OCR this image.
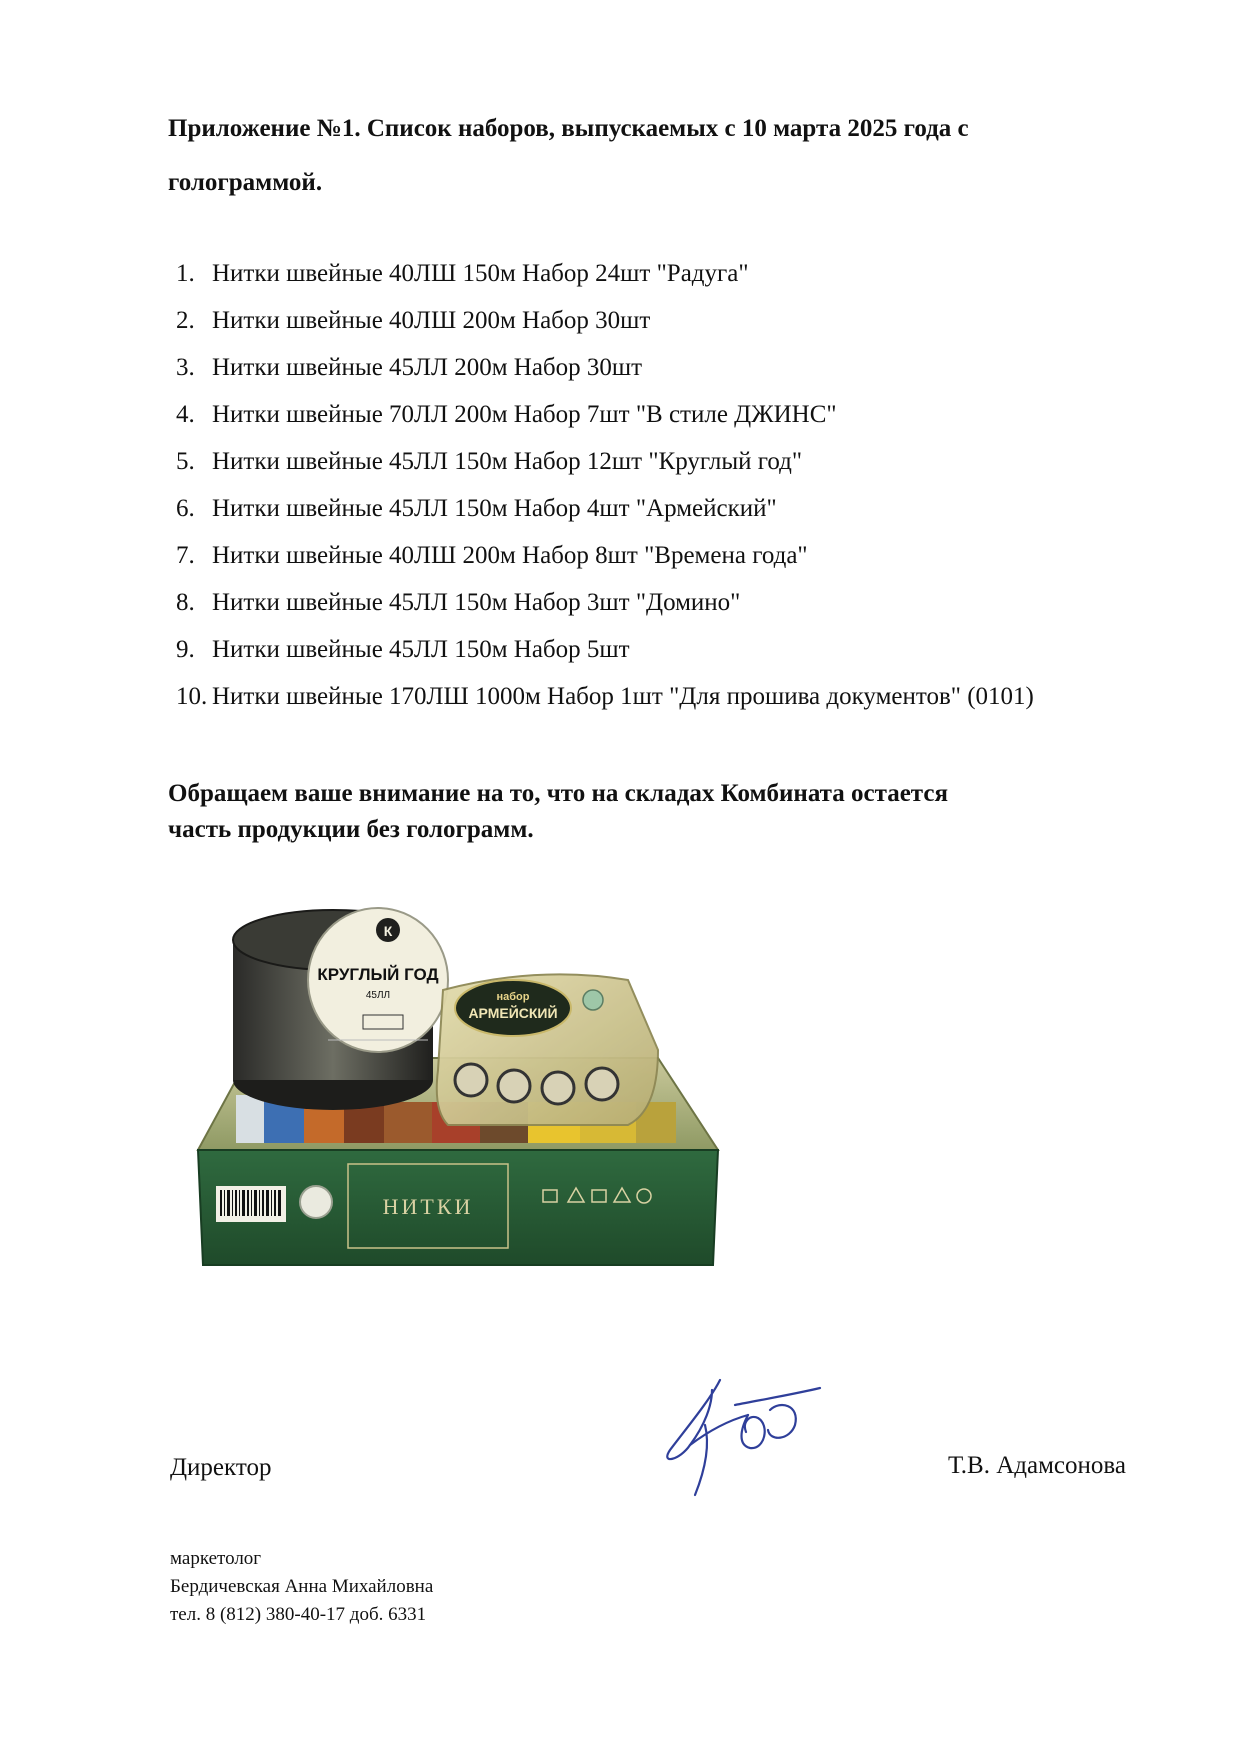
Приложение №1. Список наборов, выпускаемых с 10 марта 2025 года с
голограммой.
1. Нитки швейные 40ЛШ 150м Набор 24шт "Радуга"
2. Нитки швейные 40ЛШ 200м Набор 30шт
3. Нитки швейные 45ЛЛ 200м Набор 30шт
4. Нитки швейные 70ЛЛ 200м Набор 7шт "В стиле ДЖИНС"
5. Нитки швейные 45ЛЛ 150м Набор 12шт "Круглый год"
6. Нитки швейные 45ЛЛ 150м Набор 4шт "Армейский"
7. Нитки швейные 40ЛШ 200м Набор 8шт "Времена года"
8. Нитки швейные 45ЛЛ 150м Набор 3шт "Домино"
9. Нитки швейные 45ЛЛ 150м Набор 5шт
10. Нитки швейные 170ЛШ 1000м Набор 1шт "Для прошива документов" (0101)
Обращаем ваше внимание на то, что на складах Комбината остается
часть продукции без голограмм.
НИТКИ
К
КРУГЛЫЙ ГОД
45ЛЛ	набор
АРМЕЙСКИЙ
Директор	Т.В. Адамсонова
маркетолог
Бердичевская Анна Михайловна
тел. 8 (812) 380-40-17 доб. 6331
